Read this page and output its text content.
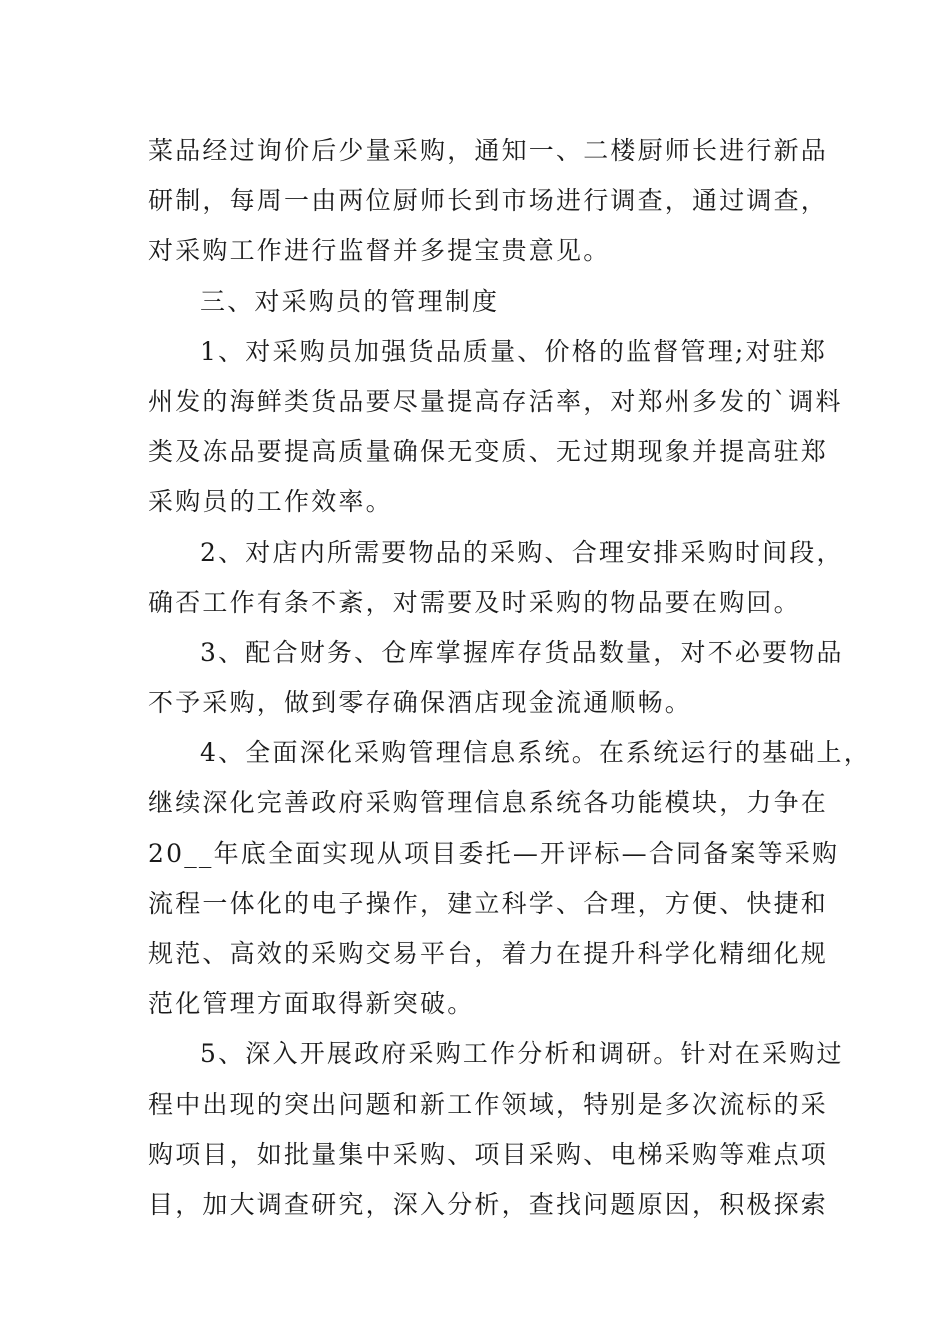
菜品经过询价后少量采购，通知一、二楼厨师长进行新品
研制，每周一由两位厨师长到市场进行调查，通过调查，
对采购工作进行监督并多提宝贵意见。
三、对采购员的管理制度
1、对采购员加强货品质量、价格的监督管理;对驻郑
州发的海鲜类货品要尽量提高存活率，对郑州多发的`调料
类及冻品要提高质量确保无变质、无过期现象并提高驻郑
采购员的工作效率。
2、对店内所需要物品的采购、合理安排采购时间段，
确否工作有条不紊，对需要及时采购的物品要在购回。
3、配合财务、仓库掌握库存货品数量，对不必要物品
不予采购，做到零存确保酒店现金流通顺畅。
4、全面深化采购管理信息系统。在系统运行的基础上，
继续深化完善政府采购管理信息系统各功能模块，力争在
20__年底全面实现从项目委托—开评标—合同备案等采购
流程一体化的电子操作，建立科学、合理，方便、快捷和
规范、高效的采购交易平台，着力在提升科学化精细化规
范化管理方面取得新突破。
5、深入开展政府采购工作分析和调研。针对在采购过
程中出现的突出问题和新工作领域，特别是多次流标的采
购项目，如批量集中采购、项目采购、电梯采购等难点项
目，加大调查研究，深入分析，查找问题原因，积极探索
